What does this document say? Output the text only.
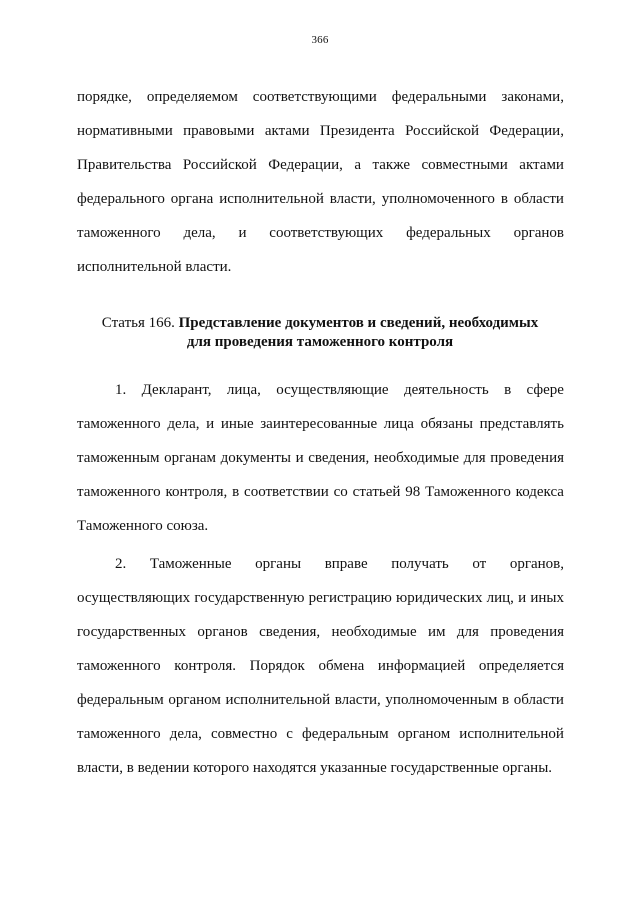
366
порядке, определяемом соответствующими федеральными законами,
нормативными правовыми актами Президента Российской Федерации,
Правительства Российской Федерации, а также совместными актами
федерального органа исполнительной власти, уполномоченного в области
таможенного дела, и соответствующих федеральных органов
исполнительной власти.
Статья 166. Представление документов и сведений, необходимых
для проведения таможенного контроля
1. Декларант, лица, осуществляющие деятельность в сфере
таможенного дела, и иные заинтересованные лица обязаны представлять
таможенным органам документы и сведения, необходимые для проведения
таможенного контроля, в соответствии со статьей 98 Таможенного кодекса
Таможенного союза.
2. Таможенные органы вправе получать от органов,
осуществляющих государственную регистрацию юридических лиц, и иных
государственных органов сведения, необходимые им для проведения
таможенного контроля. Порядок обмена информацией определяется
федеральным органом исполнительной власти, уполномоченным в области
таможенного дела, совместно с федеральным органом исполнительной
власти, в ведении которого находятся указанные государственные органы.
